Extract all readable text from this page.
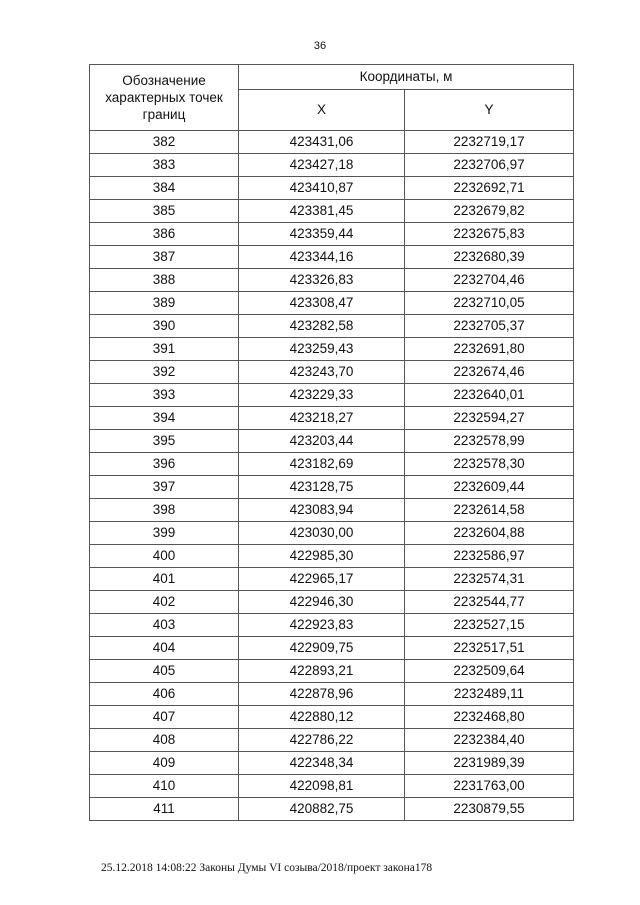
36
Обозначение характерных точек границ	Координаты, м	
	X	Y
382	423431,06	2232719,17
383	423427,18	2232706,97
384	423410,87	2232692,71
385	423381,45	2232679,82
386	423359,44	2232675,83
387	423344,16	2232680,39
388	423326,83	2232704,46
389	423308,47	2232710,05
390	423282,58	2232705,37
391	423259,43	2232691,80
392	423243,70	2232674,46
393	423229,33	2232640,01
394	423218,27	2232594,27
395	423203,44	2232578,99
396	423182,69	2232578,30
397	423128,75	2232609,44
398	423083,94	2232614,58
399	423030,00	2232604,88
400	422985,30	2232586,97
401	422965,17	2232574,31
402	422946,30	2232544,77
403	422923,83	2232527,15
404	422909,75	2232517,51
405	422893,21	2232509,64
406	422878,96	2232489,11
407	422880,12	2232468,80
408	422786,22	2232384,40
409	422348,34	2231989,39
410	422098,81	2231763,00
411	420882,75	2230879,55
25.12.2018 14:08:22 Законы Думы VI созыва/2018/проект закона178
